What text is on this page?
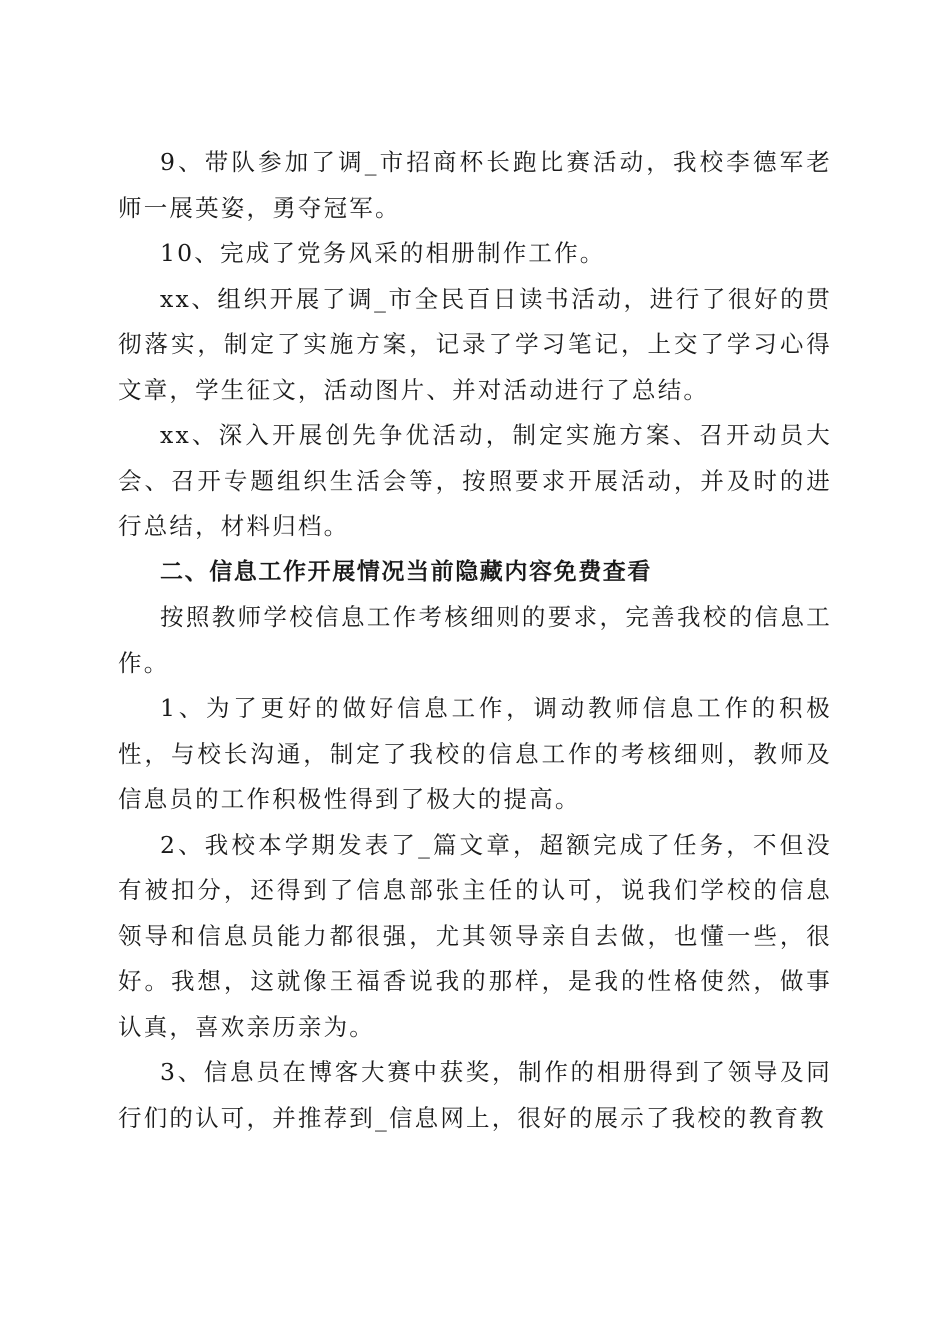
9、带队参加了调_市招商杯长跑比赛活动，我校李德军老师一展英姿，勇夺冠军。

10、完成了党务风采的相册制作工作。

xx、组织开展了调_市全民百日读书活动，进行了很好的贯彻落实，制定了实施方案，记录了学习笔记，上交了学习心得文章，学生征文，活动图片、并对活动进行了总结。

xx、深入开展创先争优活动，制定实施方案、召开动员大会、召开专题组织生活会等，按照要求开展活动，并及时的进行总结，材料归档。

二、信息工作开展情况当前隐藏内容免费查看

按照教师学校信息工作考核细则的要求，完善我校的信息工作。

1、为了更好的做好信息工作，调动教师信息工作的积极性，与校长沟通，制定了我校的信息工作的考核细则，教师及信息员的工作积极性得到了极大的提高。

2、我校本学期发表了_篇文章，超额完成了任务，不但没有被扣分，还得到了信息部张主任的认可，说我们学校的信息领导和信息员能力都很强，尤其领导亲自去做，也懂一些，很好。我想，这就像王福香说我的那样，是我的性格使然，做事认真，喜欢亲历亲为。

3、信息员在博客大赛中获奖，制作的相册得到了领导及同行们的认可，并推荐到_信息网上，很好的展示了我校的教育教
